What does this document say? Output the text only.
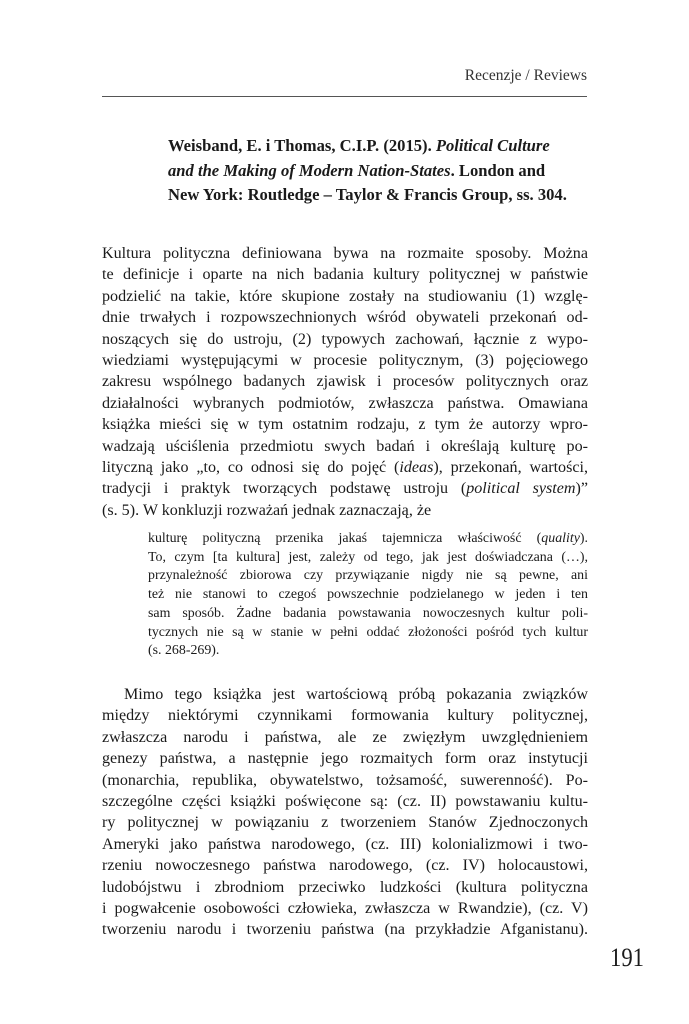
Recenzje / Reviews
Weisband, E. i Thomas, C.I.P. (2015). Political Culture
and the Making of Modern Nation-States. London and
New York: Routledge – Taylor & Francis Group, ss. 304.
Kultura polityczna definiowana bywa na rozmaite sposoby. Można
te definicje i oparte na nich badania kultury politycznej w państwie
podzielić na takie, które skupione zostały na studiowaniu (1) wzglę-
dnie trwałych i rozpowszechnionych wśród obywateli przekonań od-
noszących się do ustroju, (2) typowych zachowań, łącznie z wypo-
wiedziami występującymi w procesie politycznym, (3) pojęciowego
zakresu wspólnego badanych zjawisk i procesów politycznych oraz
działalności wybranych podmiotów, zwłaszcza państwa. Omawiana
książka mieści się w tym ostatnim rodzaju, z tym że autorzy wpro-
wadzają uściślenia przedmiotu swych badań i określają kulturę po-
lityczną jako „to, co odnosi się do pojęć (ideas), przekonań, wartości,
tradycji i praktyk tworzących podstawę ustroju (political system)”
(s. 5). W konkluzji rozważań jednak zaznaczają, że
kulturę polityczną przenika jakaś tajemnicza właściwość (quality).
To, czym [ta kultura] jest, zależy od tego, jak jest doświadczana (…),
przynależność zbiorowa czy przywiązanie nigdy nie są pewne, ani
też nie stanowi to czegoś powszechnie podzielanego w jeden i ten
sam sposób. Żadne badania powstawania nowoczesnych kultur poli-
tycznych nie są w stanie w pełni oddać złożoności pośród tych kultur
(s. 268-269).
Mimo tego książka jest wartościową próbą pokazania związków
między niektórymi czynnikami formowania kultury politycznej,
zwłaszcza narodu i państwa, ale ze zwięzłym uwzględnieniem
genezy państwa, a następnie jego rozmaitych form oraz instytucji
(monarchia, republika, obywatelstwo, tożsamość, suwerenność). Po-
szczególne części książki poświęcone są: (cz. II) powstawaniu kultu-
ry politycznej w powiązaniu z tworzeniem Stanów Zjednoczonych
Ameryki jako państwa narodowego, (cz. III) kolonializmowi i two-
rzeniu nowoczesnego państwa narodowego, (cz. IV) holocaustowi,
ludobójstwu i zbrodniom przeciwko ludzkości (kultura polityczna
i pogwałcenie osobowości człowieka, zwłaszcza w Rwandzie), (cz. V)
tworzeniu narodu i tworzeniu państwa (na przykładzie Afganistanu).
191
